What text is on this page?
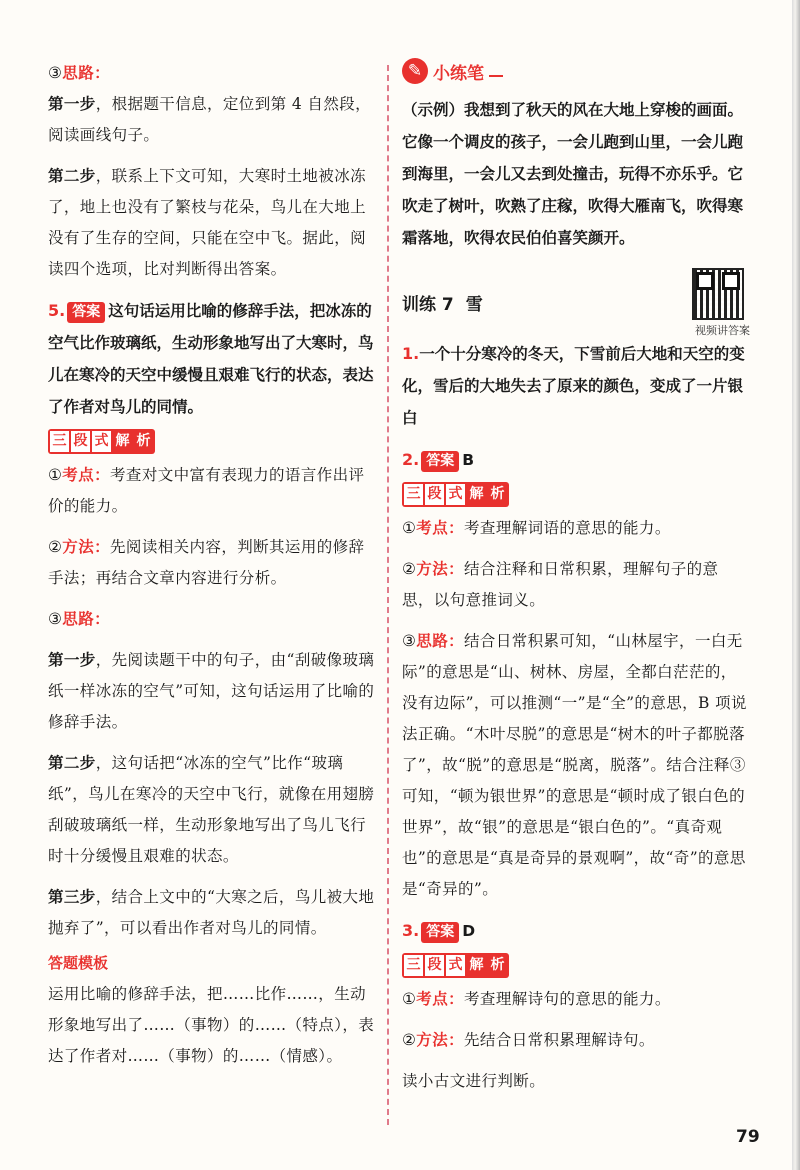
③思路：

第一步，根据题干信息，定位到第 4 自然段，阅读画线句子。

第二步，联系上下文可知，大寒时土地被冰冻了，地上也没有了繁枝与花朵，鸟儿在大地上没有了生存的空间，只能在空中飞。据此，阅读四个选项，比对判断得出答案。

5. 答案 这句话运用比喻的修辞手法，把冰冻的空气比作玻璃纸，生动形象地写出了大寒时，鸟儿在寒冷的天空中缓慢且艰难飞行的状态，表达了作者对鸟儿的同情。

三 段 式 解 析

①考点：考查对文中富有表现力的语言作出评价的能力。

②方法：先阅读相关内容，判断其运用的修辞手法；再结合文章内容进行分析。

③思路：

第一步，先阅读题干中的句子，由“刮破像玻璃纸一样冰冻的空气”可知，这句话运用了比喻的修辞手法。

第二步，这句话把“冰冻的空气”比作“玻璃纸”，鸟儿在寒冷的天空中飞行，就像在用翅膀刮破玻璃纸一样，生动形象地写出了鸟儿飞行时十分缓慢且艰难的状态。

第三步，结合上文中的“大寒之后，鸟儿被大地抛弃了”，可以看出作者对鸟儿的同情。

答题模板

运用比喻的修辞手法，把……比作……，生动形象地写出了……（事物）的……（特点），表达了作者对……（事物）的……（情感）。

✎ 小练笔

（示例）我想到了秋天的风在大地上穿梭的画面。它像一个调皮的孩子，一会儿跑到山里，一会儿跑到海里，一会儿又去到处撞击，玩得不亦乐乎。它吹走了树叶，吹熟了庄稼，吹得大雁南飞，吹得寒霜落地，吹得农民伯伯喜笑颜开。

训练 7 雪
视频讲答案

1.一个十分寒冷的冬天，下雪前后大地和天空的变化，雪后的大地失去了原来的颜色，变成了一片银白

2. 答案 B

三 段 式 解 析

①考点：考查理解词语的意思的能力。

②方法：结合注释和日常积累，理解句子的意思，以句意推词义。

③思路：结合日常积累可知，“山林屋宇，一白无际”的意思是“山、树林、房屋，全都白茫茫的，没有边际”，可以推测“一”是“全”的意思，B 项说法正确。“木叶尽脱”的意思是“树木的叶子都脱落了”，故“脱”的意思是“脱离，脱落”。结合注释③可知，“顿为银世界”的意思是“顿时成了银白色的世界”，故“银”的意思是“银白色的”。“真奇观也”的意思是“真是奇异的景观啊”，故“奇”的意思是“奇异的”。

3. 答案 D

三 段 式 解 析

①考点：考查理解诗句的意思的能力。

②方法：先结合日常积累理解诗句。

读小古文进行判断。

79
